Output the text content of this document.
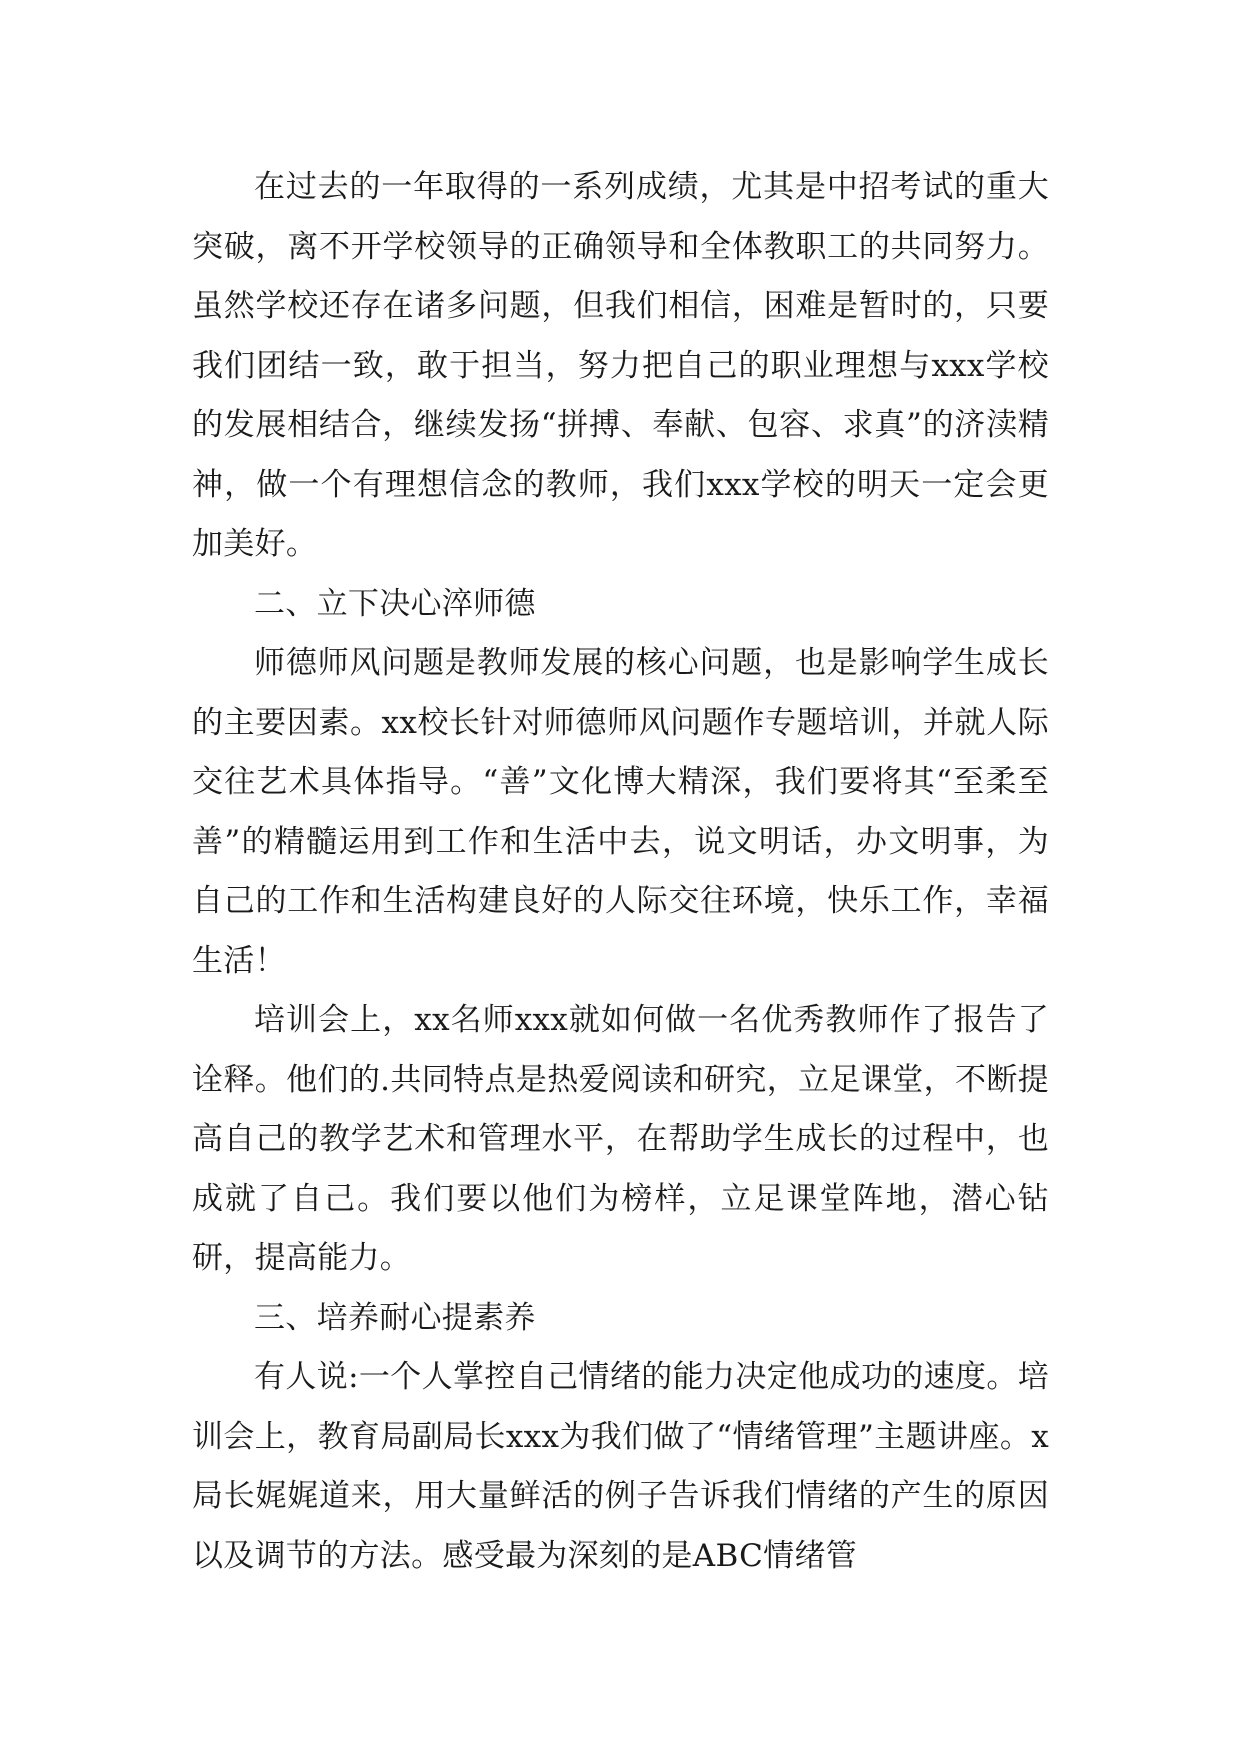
在过去的一年取得的一系列成绩，尤其是中招考试的重大突破，离不开学校领导的正确领导和全体教职工的共同努力。虽然学校还存在诸多问题，但我们相信，困难是暂时的，只要我们团结一致，敢于担当，努力把自己的职业理想与xxx学校的发展相结合，继续发扬“拼搏、奉献、包容、求真”的济渎精神，做一个有理想信念的教师，我们xxx学校的明天一定会更加美好。

二、立下决心淬师德

师德师风问题是教师发展的核心问题，也是影响学生成长的主要因素。xx校长针对师德师风问题作专题培训，并就人际交往艺术具体指导。“善”文化博大精深，我们要将其“至柔至善”的精髓运用到工作和生活中去，说文明话，办文明事，为自己的工作和生活构建良好的人际交往环境，快乐工作，幸福生活！

培训会上，xx名师xxx就如何做一名优秀教师作了报告了诠释。他们的.共同特点是热爱阅读和研究，立足课堂，不断提高自己的教学艺术和管理水平，在帮助学生成长的过程中，也成就了自己。我们要以他们为榜样，立足课堂阵地，潜心钻研，提高能力。

三、培养耐心提素养

有人说:一个人掌控自己情绪的能力决定他成功的速度。培训会上，教育局副局长xxx为我们做了“情绪管理”主题讲座。x局长娓娓道来，用大量鲜活的例子告诉我们情绪的产生的原因以及调节的方法。感受最为深刻的是ABC情绪管
